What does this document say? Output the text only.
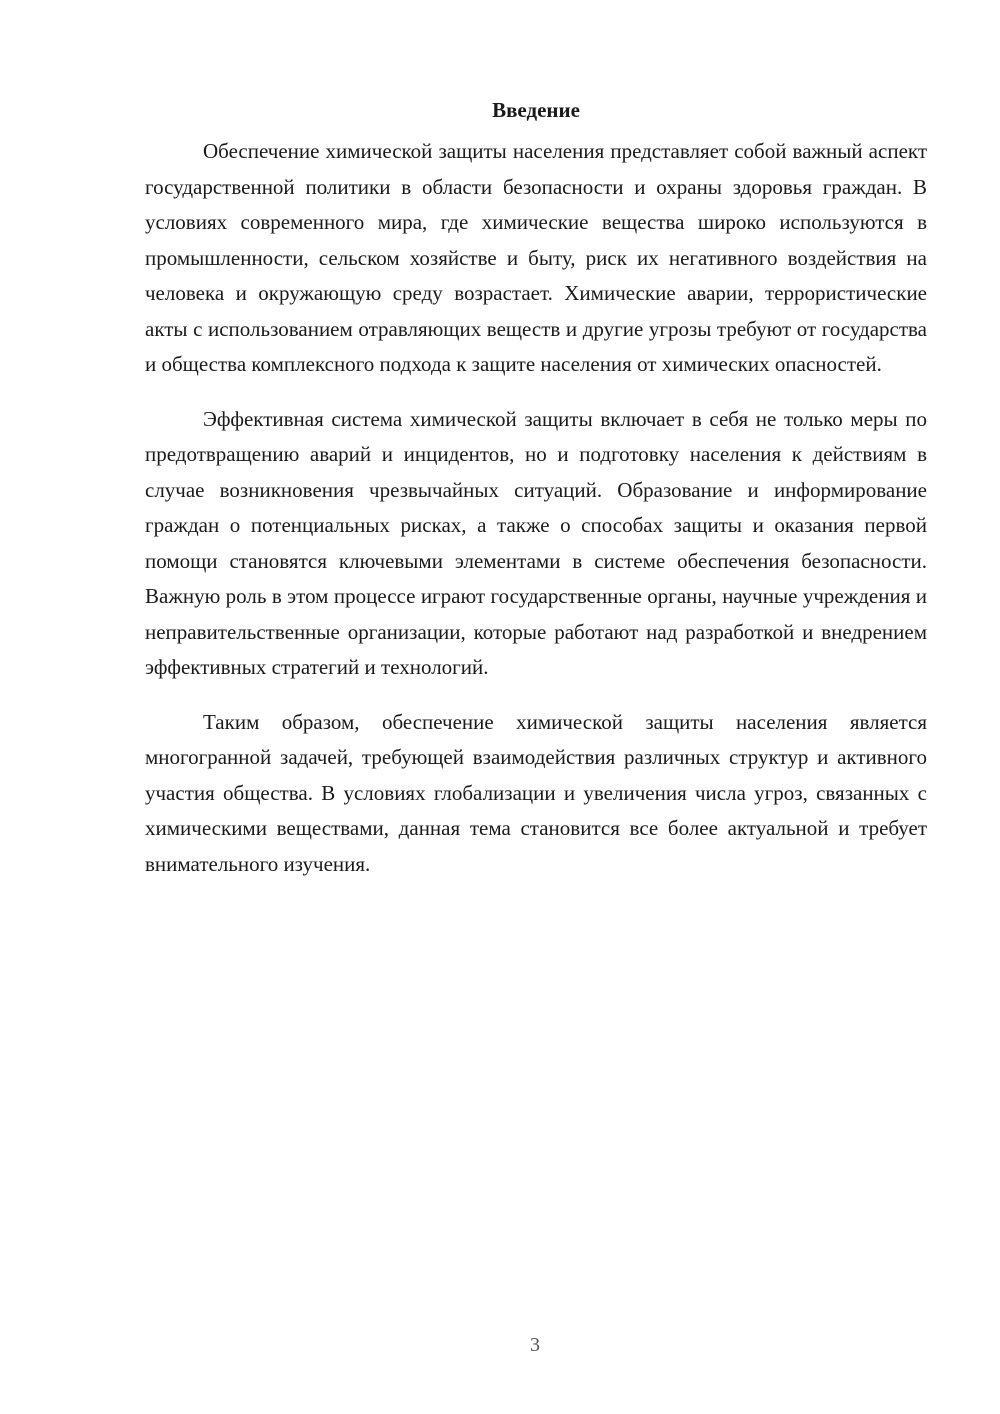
Введение

Обеспечение химической защиты населения представляет собой важный аспект государственной политики в области безопасности и охраны здоровья граждан. В условиях современного мира, где химические вещества широко используются в промышленности, сельском хозяйстве и быту, риск их негативного воздействия на человека и окружающую среду возрастает. Химические аварии, террористические акты с использованием отравляющих веществ и другие угрозы требуют от государства и общества комплексного подхода к защите населения от химических опасностей.

Эффективная система химической защиты включает в себя не только меры по предотвращению аварий и инцидентов, но и подготовку населения к действиям в случае возникновения чрезвычайных ситуаций. Образование и информирование граждан о потенциальных рисках, а также о способах защиты и оказания первой помощи становятся ключевыми элементами в системе обеспечения безопасности. Важную роль в этом процессе играют государственные органы, научные учреждения и неправительственные организации, которые работают над разработкой и внедрением эффективных стратегий и технологий.

Таким образом, обеспечение химической защиты населения является многогранной задачей, требующей взаимодействия различных структур и активного участия общества. В условиях глобализации и увеличения числа угроз, связанных с химическими веществами, данная тема становится все более актуальной и требует внимательного изучения.

3
